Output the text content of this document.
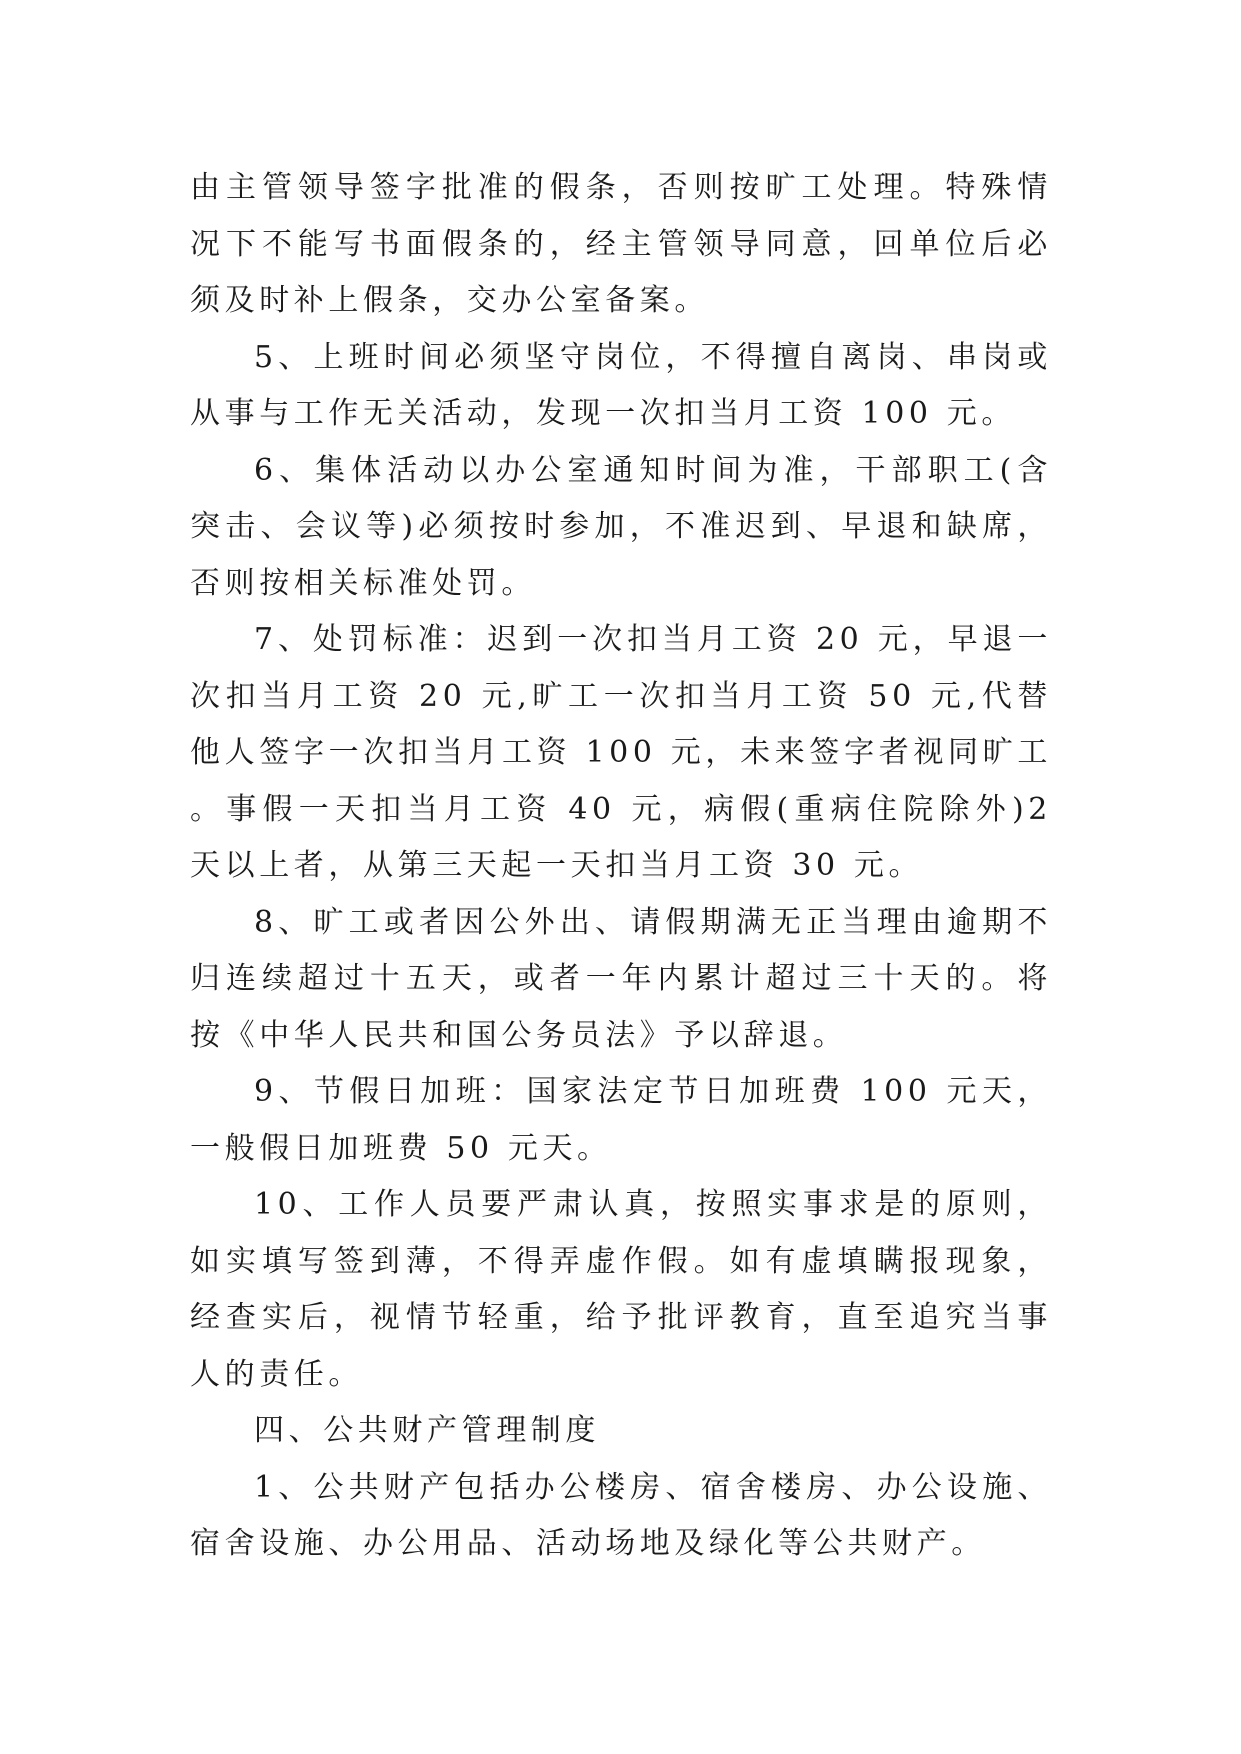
由主管领导签字批准的假条，否则按旷工处理。特殊情况下不能写书面假条的，经主管领导同意，回单位后必须及时补上假条，交办公室备案。

5、上班时间必须坚守岗位，不得擅自离岗、串岗或从事与工作无关活动，发现一次扣当月工资 100 元。

6、集体活动以办公室通知时间为准，干部职工(含突击、会议等)必须按时参加，不准迟到、早退和缺席，否则按相关标准处罚。

7、处罚标准：迟到一次扣当月工资 20 元，早退一次扣当月工资 20 元,旷工一次扣当月工资 50 元,代替他人签字一次扣当月工资 100 元，未来签字者视同旷工。事假一天扣当月工资 40 元，病假(重病住院除外)2 天以上者，从第三天起一天扣当月工资 30 元。

8、旷工或者因公外出、请假期满无正当理由逾期不归连续超过十五天，或者一年内累计超过三十天的。将按《中华人民共和国公务员法》予以辞退。

9、节假日加班：国家法定节日加班费 100 元天，一般假日加班费 50 元天。

10、工作人员要严肃认真，按照实事求是的原则，如实填写签到薄，不得弄虚作假。如有虚填瞒报现象，经查实后，视情节轻重，给予批评教育，直至追究当事人的责任。

四、公共财产管理制度

1、公共财产包括办公楼房、宿舍楼房、办公设施、宿舍设施、办公用品、活动场地及绿化等公共财产。
